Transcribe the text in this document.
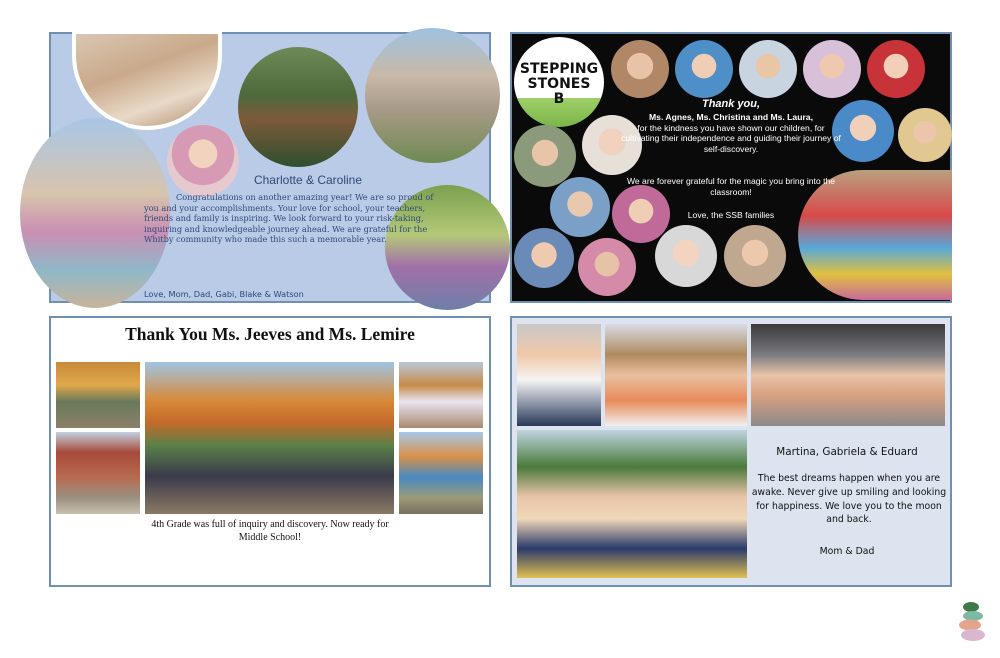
Charlotte & Caroline
Congratulations on another amazing year! We are so proud of you and your accomplishments. Your love for school, your teachers, friends and family is inspiring. We look forward to your risk-taking, inquiring and knowledgeable journey ahead. We are grateful for the Whitby community who made this such a memorable year.
Love, Mom, Dad, Gabi, Blake & Watson
STEPPING
STONES
B	Thank you,
Ms. Agnes, Ms. Christina and Ms. Laura,
for the kindness you have shown our children, for cultivating their independence and guiding their journey of self-discovery.
We are forever grateful for the magic you bring into the classroom!
Love, the SSB families
Thank You Ms. Jeeves and Ms. Lemire
4th Grade was full of inquiry and discovery. Now ready for Middle School!
Martina, Gabriela & Eduard
The best dreams happen when you are awake. Never give up smiling and looking for happiness. We love you to the moon and back.
Mom & Dad
